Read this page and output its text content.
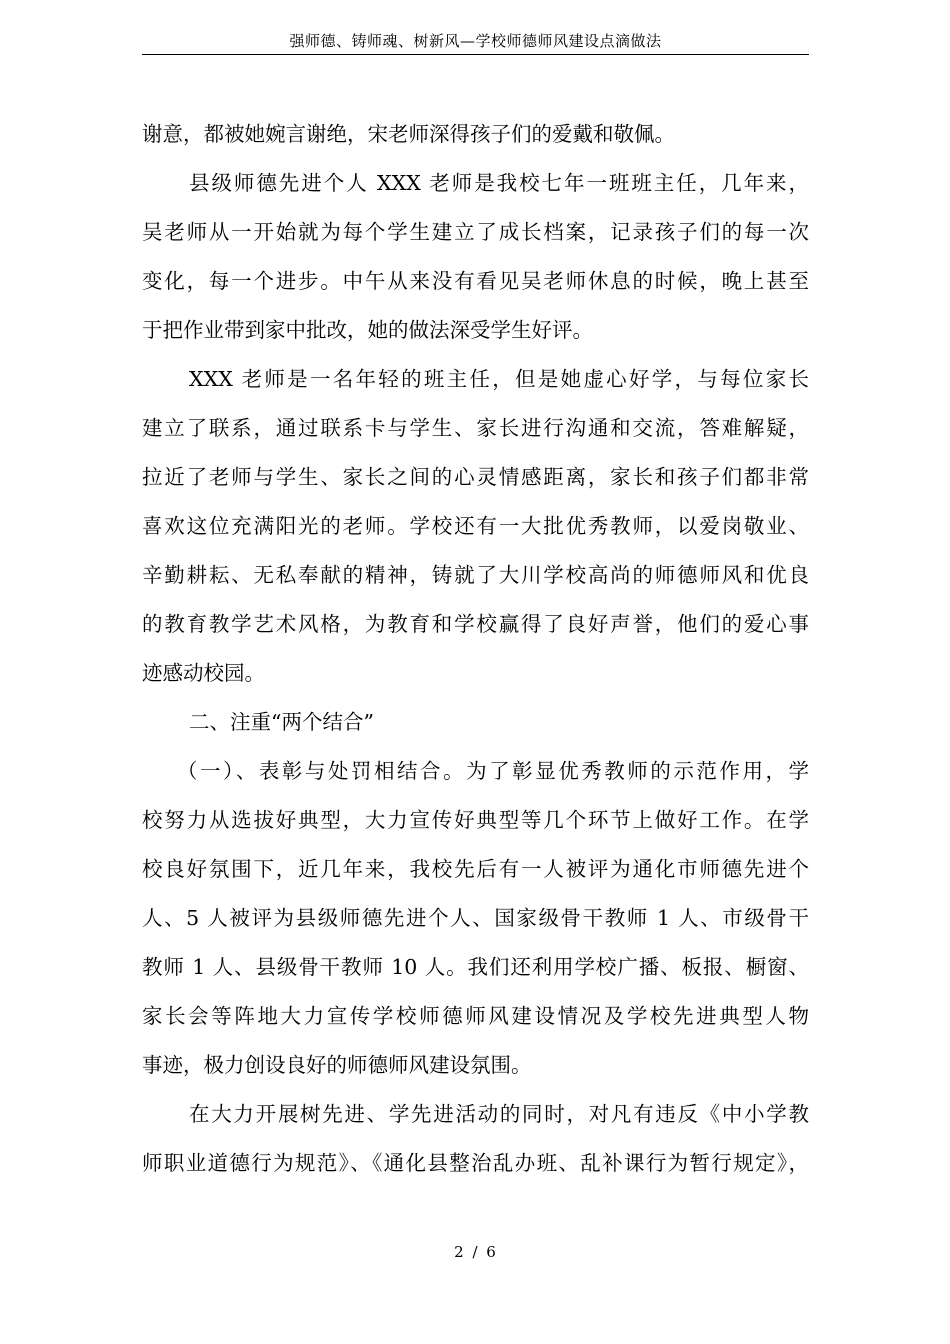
强师德、铸师魂、树新风—学校师德师风建设点滴做法
谢意，都被她婉言谢绝，宋老师深得孩子们的爱戴和敬佩。
县级师德先进个人 XXX 老师是我校七年一班班主任，几年来，
吴老师从一开始就为每个学生建立了成长档案，记录孩子们的每一次
变化，每一个进步。中午从来没有看见吴老师休息的时候，晚上甚至
于把作业带到家中批改，她的做法深受学生好评。
XXX 老师是一名年轻的班主任，但是她虚心好学，与每位家长
建立了联系，通过联系卡与学生、家长进行沟通和交流，答难解疑，
拉近了老师与学生、家长之间的心灵情感距离，家长和孩子们都非常
喜欢这位充满阳光的老师。学校还有一大批优秀教师，以爱岗敬业、
辛勤耕耘、无私奉献的精神，铸就了大川学校高尚的师德师风和优良
的教育教学艺术风格，为教育和学校赢得了良好声誉，他们的爱心事
迹感动校园。
二、注重“两个结合”
（一）、表彰与处罚相结合。为了彰显优秀教师的示范作用，学
校努力从选拔好典型，大力宣传好典型等几个环节上做好工作。在学
校良好氛围下，近几年来，我校先后有一人被评为通化市师德先进个
人、5 人被评为县级师德先进个人、国家级骨干教师 1 人、市级骨干
教师 1 人、县级骨干教师 10 人。我们还利用学校广播、板报、橱窗、
家长会等阵地大力宣传学校师德师风建设情况及学校先进典型人物
事迹，极力创设良好的师德师风建设氛围。
在大力开展树先进、学先进活动的同时，对凡有违反《中小学教
师职业道德行为规范》、《通化县整治乱办班、乱补课行为暂行规定》，
2 / 6
